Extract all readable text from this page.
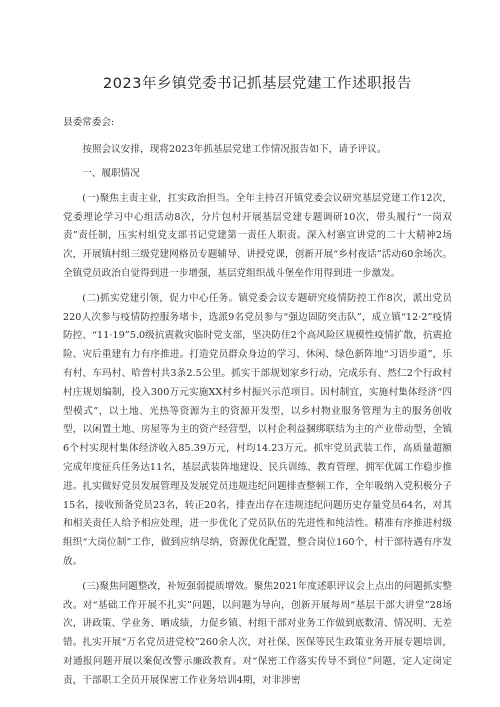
2023年乡镇党委书记抓基层党建工作述职报告
县委常委会:

按照会议安排，现将2023年抓基层党建工作情况报告如下，请予评议。

一、履职情况

(一)聚焦主责主业，扛实政治担当。全年主持召开镇党委会议研究基层党建工作12次，党委理论学习中心组活动8次，分片包村开展基层党建专题调研10次，带头履行“一岗双责”责任制，压实村组党支部书记党建第一责任人职责。深入村寨宣讲党的二十大精神2场次，开展镇村组三级党建网格员专题辅导、讲授党课，创新开展“乡村夜话”活动60余场次。全镇党员政治自觉得到进一步增强，基层党组织战斗堡垒作用得到进一步激发。

(二)抓实党建引领，促力中心任务。镇党委会议专题研究疫情防控工作8次，派出党员220人次参与疫情防控服务堵卡，选派9名党员参与“强边固防突击队”，成立镇“12·2”疫情防控、“11·19”5.0级抗震救灾临时党支部，坚决防住2个高风险区规模性疫情扩散，抗震抢险、灾后重建有力有序推进。打造党员群众身边的学习、休闲、绿色新阵地“习语步道”，乐有村、车玛村、哈普村共3条2.5公里。抓实干部规划家乡行动，完成乐有、然仁2个行政村村庄规划编制，投入300万元实施XX村乡村振兴示范项目。因村制宜，实施村集体经济“四型模式”，以土地、光热等资源为主的资源开发型，以乡村物业服务管理为主的服务创收型，以闲置土地、房屋等为主的资产经营型，以村企利益捆绑联结为主的产业带动型，全镇6个村实现村集体经济收入85.39万元，村均14.23万元。抓牢党员武装工作，高质量超额完成年度征兵任务达11名，基层武装阵地建设、民兵训练、教育管理、拥军优属工作稳步推进。扎实做好党员发展管理及发展党员违规违纪问题排查整顿工作，全年吸纳入党积极分子15名，接收预备党员23名，转正20名，排查出存在违规违纪问题历史存量党员64名，对其和相关责任人给予相应处理，进一步优化了党员队伍的先进性和纯洁性。精准有序推进村级组织“大岗位制”工作，做到应纳尽纳，资源优化配置，整合岗位160个，村干部待遇有序发放。

(三)聚焦问题整改，补短强弱提质增效。聚焦2021年度述职评议会上点出的问题抓实整改。对“基础工作开展不扎实”问题，以问题为导向，创新开展每周“基层干部大讲堂”28场次，讲政策、学业务、晒成绩，力促乡镇、村组干部对业务工作做到底数清、情况明、无差错。扎实开展“万名党员进党校”260余人次，对社保、医保等民生政策业务开展专题培训，对通报问题开展以案促改警示廉政教育。对“保密工作落实传导不到位”问题，定人定岗定责，干部职工全员开展保密工作业务培训4期，对非涉密
